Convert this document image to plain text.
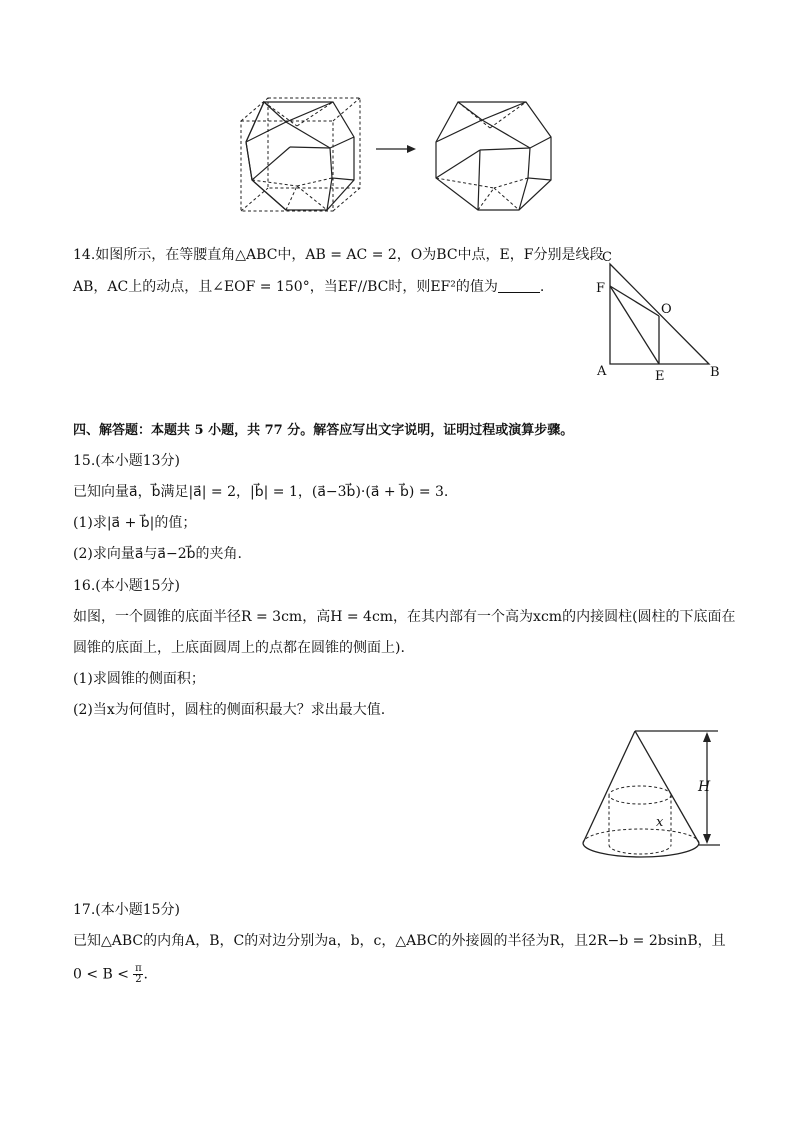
14.如图所示，在等腰直角△ABC中，AB = AC = 2，O为BC中点，E，F分别是线段
AB，AC上的动点，且∠EOF = 150°，当EF//BC时，则EF²的值为	.
C
F
O
A	E	B
四、解答题：本题共 5 小题，共 77 分。解答应写出文字说明，证明过程或演算步骤。
15.(本小题13分)
已知向量a⃗，b⃗满足|a⃗| = 2，|b⃗| = 1，(a⃗−3b⃗)·(a⃗ + b⃗) = 3.
(1)求|a⃗ + b⃗|的值；
(2)求向量a⃗与a⃗−2b⃗的夹角.
16.(本小题15分)
如图，一个圆锥的底面半径R = 3cm，高H = 4cm，在其内部有一个高为xcm的内接圆柱(圆柱的下底面在
圆锥的底面上，上底面圆周上的点都在圆锥的侧面上).
(1)求圆锥的侧面积；
(2)当x为何值时，圆柱的侧面积最大？求出最大值.
H
x
17.(本小题15分)
已知△ABC的内角A，B，C的对边分别为a，b，c，△ABC的外接圆的半径为R，且2R−b = 2bsinB，且
$0 < B < \frac{\pi}{2}$ .
